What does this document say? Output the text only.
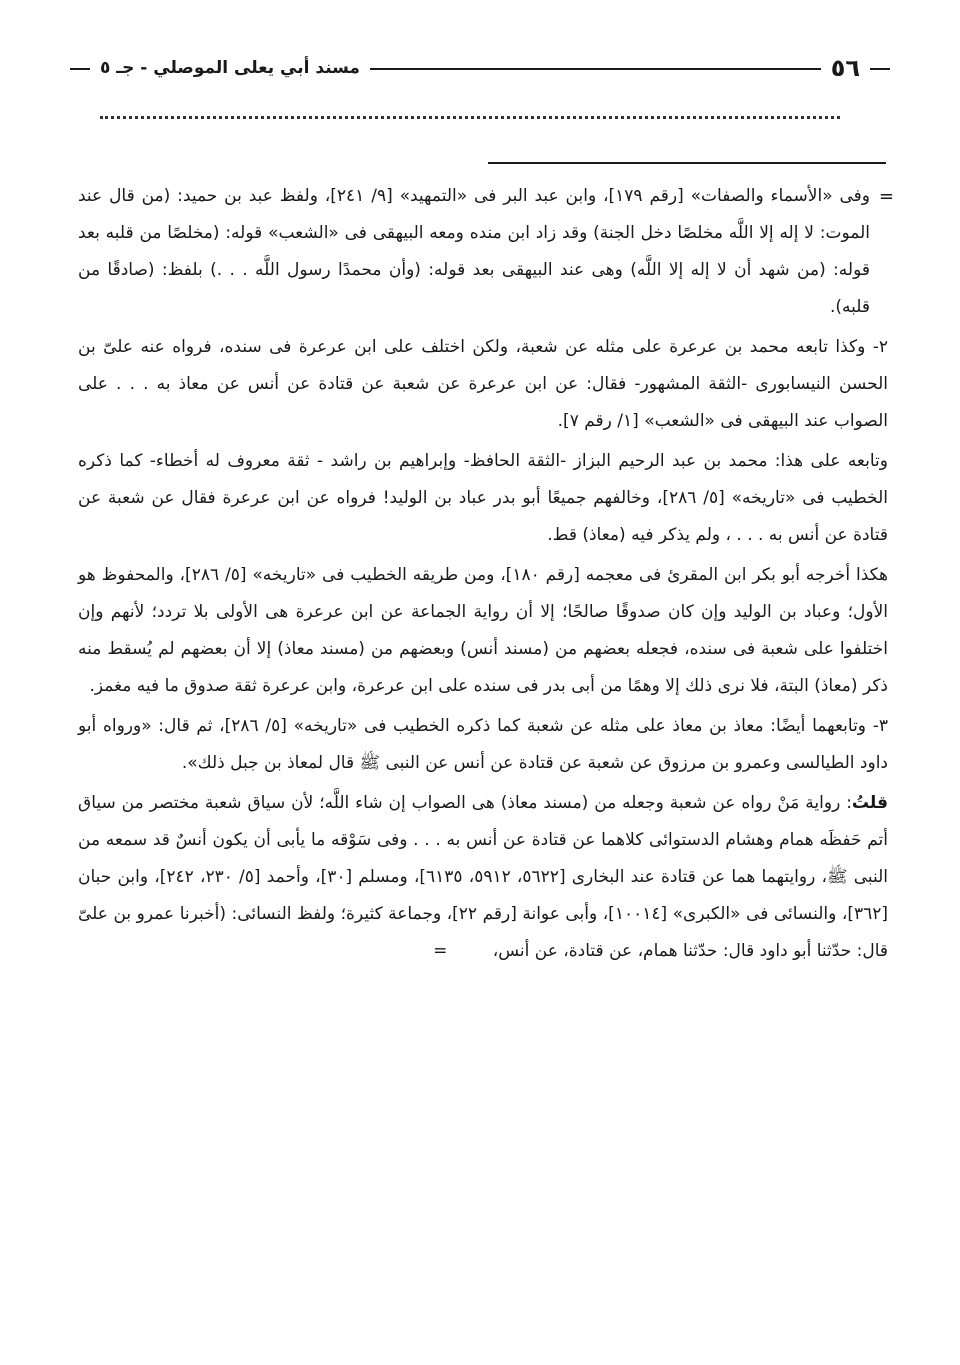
٥٦
مسند أبي يعلى الموصلي - جـ ٥

=
وفى «الأسماء والصفات» [رقم ١٧٩]، وابن عبد البر فى «التمهيد» [٩/ ٢٤١]، ولفظ عبد بن حميد: (من قال عند الموت: لا إله إلا اللَّه مخلصًا دخل الجنة) وقد زاد ابن منده ومعه البيهقى فى «الشعب» قوله: (مخلصًا من قلبه بعد قوله: (من شهد أن لا إله إلا اللَّه) وهى عند البيهقى بعد قوله: (وأن محمدًا رسول اللَّه . . .) بلفظ: (صادقًا من قلبه).

٢- وكذا تابعه محمد بن عرعرة على مثله عن شعبة، ولكن اختلف على ابن عرعرة فى سنده، فرواه عنه علىّ بن الحسن النيسابورى -الثقة المشهور- فقال: عن ابن عرعرة عن شعبة عن قتادة عن أنس عن معاذ به . . . على الصواب عند البيهقى فى «الشعب» [١/ رقم ٧].

وتابعه على هذا: محمد بن عبد الرحيم البزاز -الثقة الحافظ- وإبراهيم بن راشد - ثقة معروف له أخطاء- كما ذكره الخطيب فى «تاريخه» [٥/ ٢٨٦]، وخالفهم جميعًا أبو بدر عباد بن الوليد! فرواه عن ابن عرعرة فقال عن شعبة عن قتادة عن أنس به . . . ، ولم يذكر فيه (معاذ) قط.

هكذا أخرجه أبو بكر ابن المقرئ فى معجمه [رقم ١٨٠]، ومن طريقه الخطيب فى «تاريخه» [٥/ ٢٨٦]، والمحفوظ هو الأول؛ وعباد بن الوليد وإن كان صدوقًا صالحًا؛ إلا أن رواية الجماعة عن ابن عرعرة هى الأولى بلا تردد؛ لأنهم وإن اختلفوا على شعبة فى سنده، فجعله بعضهم من (مسند أنس) وبعضهم من (مسند معاذ) إلا أن بعضهم لم يُسقط منه ذكر (معاذ) البتة، فلا نرى ذلك إلا وهمًا من أبى بدر فى سنده على ابن عرعرة، وابن عرعرة ثقة صدوق ما فيه مغمز.

٣- وتابعهما أيضًا: معاذ بن معاذ على مثله عن شعبة كما ذكره الخطيب فى «تاريخه» [٥/ ٢٨٦]، ثم قال: «ورواه أبو داود الطيالسى وعمرو بن مرزوق عن شعبة عن قتادة عن أنس عن النبى ﷺ قال لمعاذ بن جبل ذلك».

قلتُ: رواية مَنْ رواه عن شعبة وجعله من (مسند معاذ) هى الصواب إن شاء اللَّه؛ لأن سياق شعبة مختصر من سياق أتم حَفظَه همام وهشام الدستوائى كلاهما عن قتادة عن أنس به . . . وفى سَوْقه ما يأبى أن يكون أنسٌ قد سمعه من النبى ﷺ، روايتهما هما عن قتادة عند البخارى [٥٦٢٢، ٥٩١٢، ٦١٣٥]، ومسلم [٣٠]، وأحمد [٥/ ٢٣٠، ٢٤٢]، وابن حبان [٣٦٢]، والنسائى فى «الكبرى» [١٠٠١٤]، وأبى عوانة [رقم ٢٢]، وجماعة كثيرة؛ ولفظ النسائى: (أخبرنا عمرو بن علىّ قال: حدّثنا أبو داود قال: حدّثنا همام، عن قتادة، عن أنس، =
